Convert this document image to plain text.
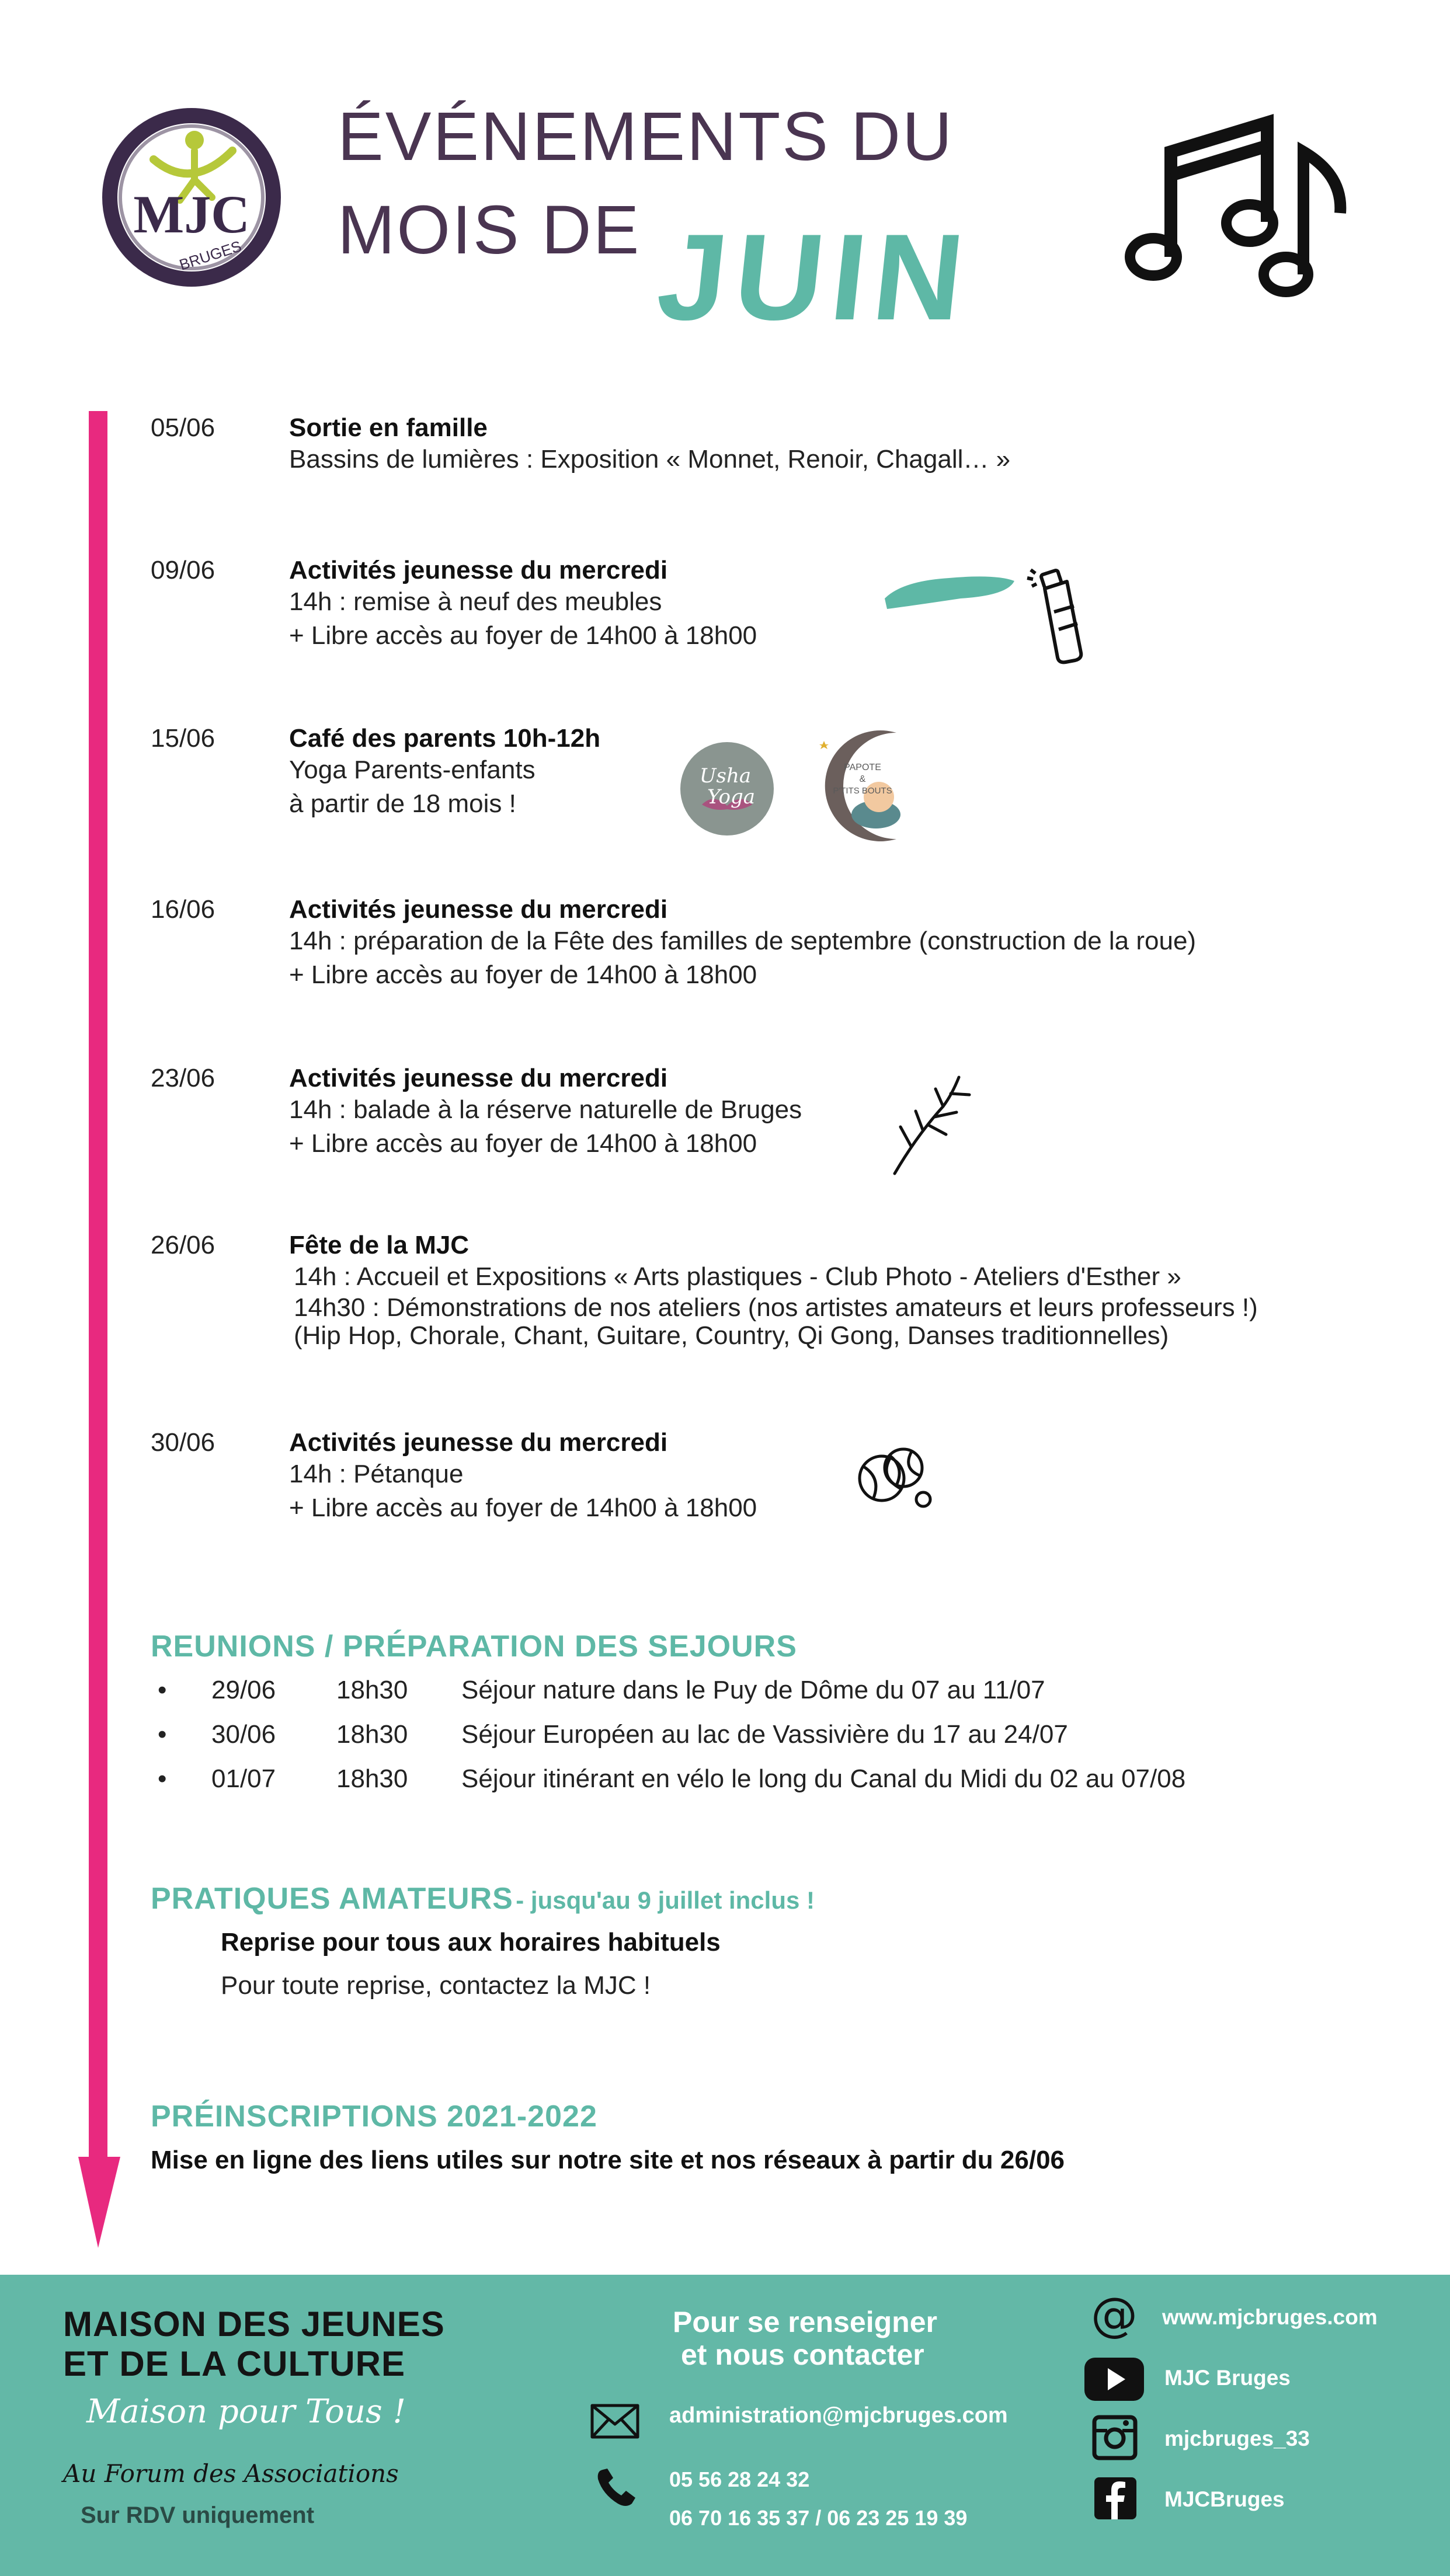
MJC
BRUGES
ÉVÉNEMENTS DU
MOIS DE JUIN
05/06	Sortie en famille
Bassins de lumières : Exposition « Monnet, Renoir, Chagall… »
09/06	Activités jeunesse du mercredi
14h : remise à neuf des meubles
+ Libre accès au foyer de 14h00 à 18h00
15/06	Café des parents 10h-12h
Yoga Parents-enfants
à partir de 18 mois !
Usha
Yoga
PAPOTE
&
P'TITS BOUTS
16/06	Activités jeunesse du mercredi
14h : préparation de la Fête des familles de septembre (construction de la roue)
+ Libre accès au foyer de 14h00 à 18h00
23/06	Activités jeunesse du mercredi
14h : balade à la réserve naturelle de Bruges
+ Libre accès au foyer de 14h00 à 18h00
26/06	Fête de la MJC
14h : Accueil et Expositions « Arts plastiques - Club Photo - Ateliers d'Esther »
14h30 : Démonstrations de nos ateliers (nos artistes amateurs et leurs professeurs !)
(Hip Hop, Chorale, Chant, Guitare, Country, Qi Gong, Danses traditionnelles)
30/06	Activités jeunesse du mercredi
14h : Pétanque
+ Libre accès au foyer de 14h00 à 18h00
REUNIONS / PRÉPARATION DES SEJOURS
• 29/06 18h30 Séjour nature dans le Puy de Dôme du 07 au 11/07
• 30/06 18h30 Séjour Européen au lac de Vassivière du 17 au 24/07
• 01/07 18h30 Séjour itinérant en vélo le long du Canal du Midi du 02 au 07/08
PRATIQUES AMATEURS - jusqu'au 9 juillet inclus !
Reprise pour tous aux horaires habituels
Pour toute reprise, contactez la MJC !
PRÉINSCRIPTIONS 2021-2022
Mise en ligne des liens utiles sur notre site et nos réseaux à partir du 26/06
MAISON DES JEUNES
ET DE LA CULTURE
Maison pour Tous !
Au Forum des Associations
Sur RDV uniquement
Pour se renseigner
et nous contacter
administration@mjcbruges.com
05 56 28 24 32
06 70 16 35 37 / 06 23 25 19 39
@ www.mjcbruges.com
MJC Bruges
mjcbruges_33
MJCBruges
